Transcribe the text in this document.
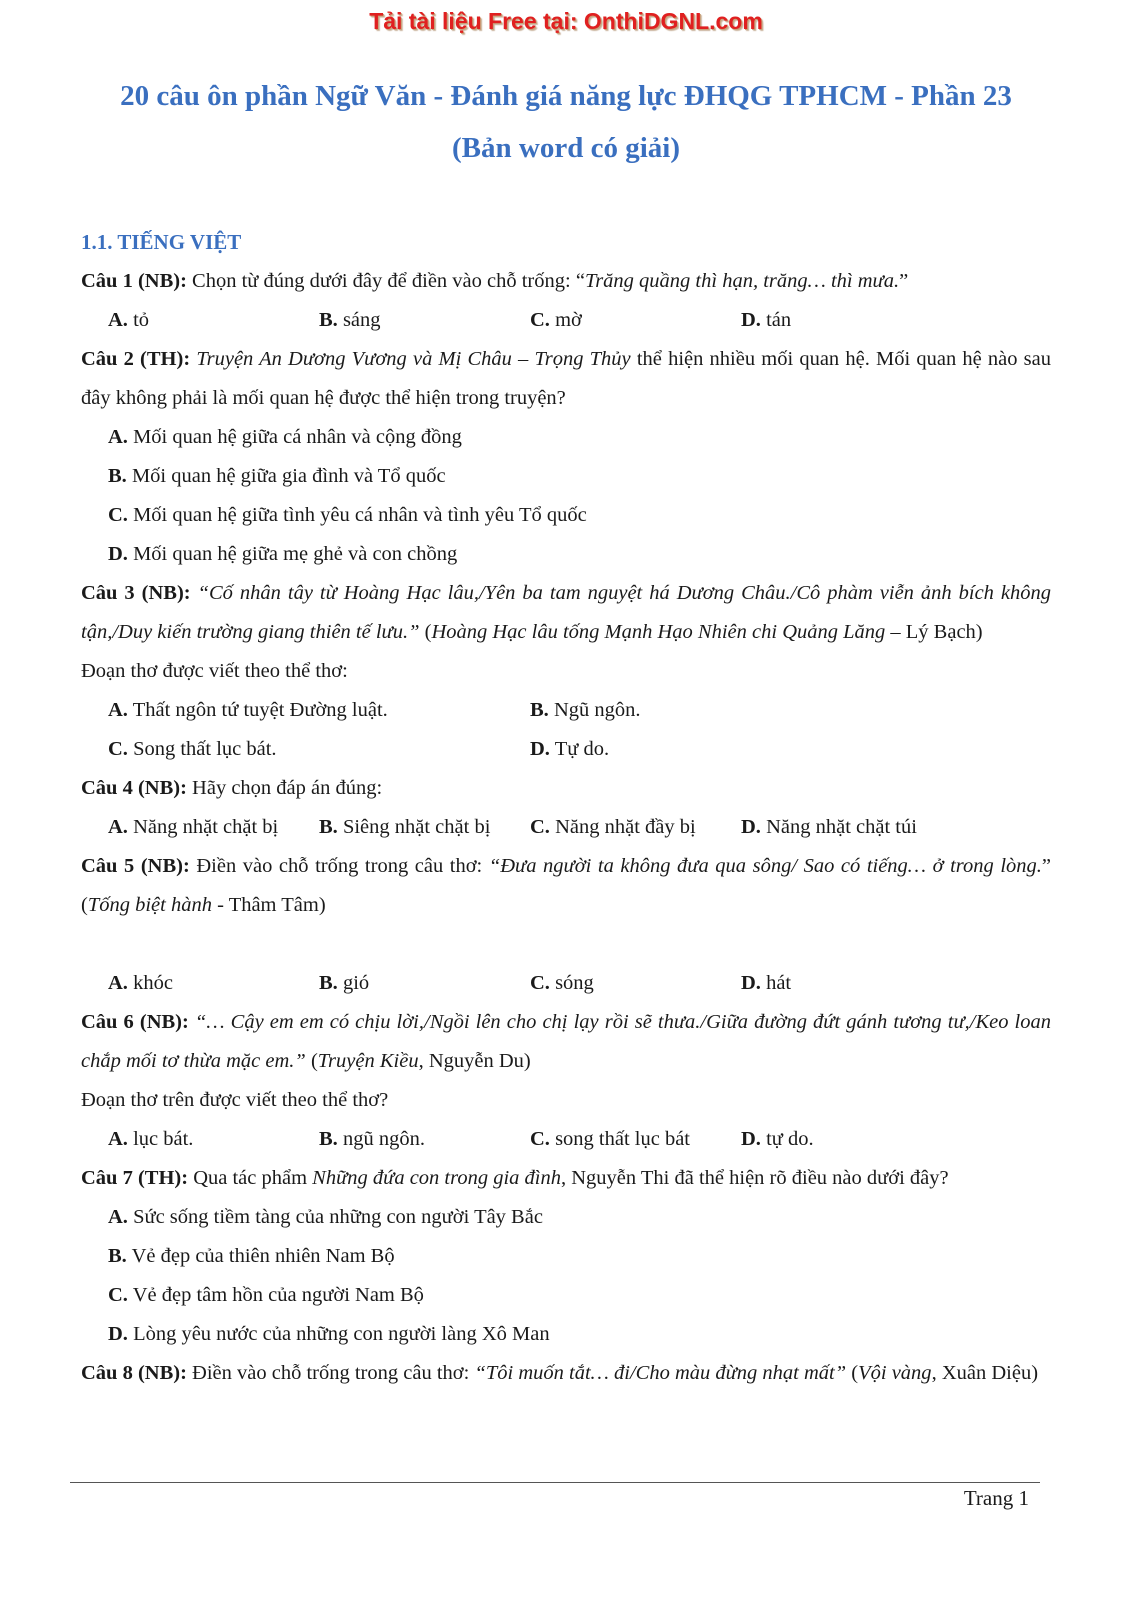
Tải tài liệu Free tại: OnthiDGNL.com
20 câu ôn phần Ngữ Văn - Đánh giá năng lực ĐHQG TPHCM - Phần 23
(Bản word có giải)

1.1. TIẾNG VIỆT

Câu 1 (NB): Chọn từ đúng dưới đây để điền vào chỗ trống: “Trăng quầng thì hạn, trăng… thì mưa.”

A. tỏ	B. sáng	C. mờ	D. tán

Câu 2 (TH): Truyện An Dương Vương và Mị Châu – Trọng Thủy thể hiện nhiều mối quan hệ. Mối quan hệ nào sau đây không phải là mối quan hệ được thể hiện trong truyện?

A. Mối quan hệ giữa cá nhân và cộng đồng

B. Mối quan hệ giữa gia đình và Tổ quốc

C. Mối quan hệ giữa tình yêu cá nhân và tình yêu Tổ quốc

D. Mối quan hệ giữa mẹ ghẻ và con chồng

Câu 3 (NB): “Cố nhân tây từ Hoàng Hạc lâu,/Yên ba tam nguyệt há Dương Châu./Cô phàm viễn ảnh bích không tận,/Duy kiến trường giang thiên tế lưu.” (Hoàng Hạc lâu tống Mạnh Hạo Nhiên chi Quảng Lăng – Lý Bạch)

Đoạn thơ được viết theo thể thơ:

A. Thất ngôn tứ tuyệt Đường luật.	B. Ngũ ngôn.
C. Song thất lục bát.	D. Tự do.

Câu 4 (NB): Hãy chọn đáp án đúng:

A. Năng nhặt chặt bị	B. Siêng nhặt chặt bị	C. Năng nhặt đầy bị	D. Năng nhặt chặt túi

Câu 5 (NB): Điền vào chỗ trống trong câu thơ: “Đưa người ta không đưa qua sông/ Sao có tiếng… ở trong lòng.” (Tống biệt hành - Thâm Tâm)

A. khóc	B. gió	C. sóng	D. hát

Câu 6 (NB): “… Cậy em em có chịu lời,/Ngồi lên cho chị lạy rồi sẽ thưa./Giữa đường đứt gánh tương tư,/Keo loan chắp mối tơ thừa mặc em.” (Truyện Kiều, Nguyễn Du)

Đoạn thơ trên được viết theo thể thơ?

A. lục bát.	B. ngũ ngôn.	C. song thất lục bát	D. tự do.

Câu 7 (TH): Qua tác phẩm Những đứa con trong gia đình, Nguyễn Thi đã thể hiện rõ điều nào dưới đây?

A. Sức sống tiềm tàng của những con người Tây Bắc

B. Vẻ đẹp của thiên nhiên Nam Bộ

C. Vẻ đẹp tâm hồn của người Nam Bộ

D. Lòng yêu nước của những con người làng Xô Man

Câu 8 (NB): Điền vào chỗ trống trong câu thơ: “Tôi muốn tắt… đi/Cho màu đừng nhạt mất” (Vội vàng, Xuân Diệu)

Trang 1
